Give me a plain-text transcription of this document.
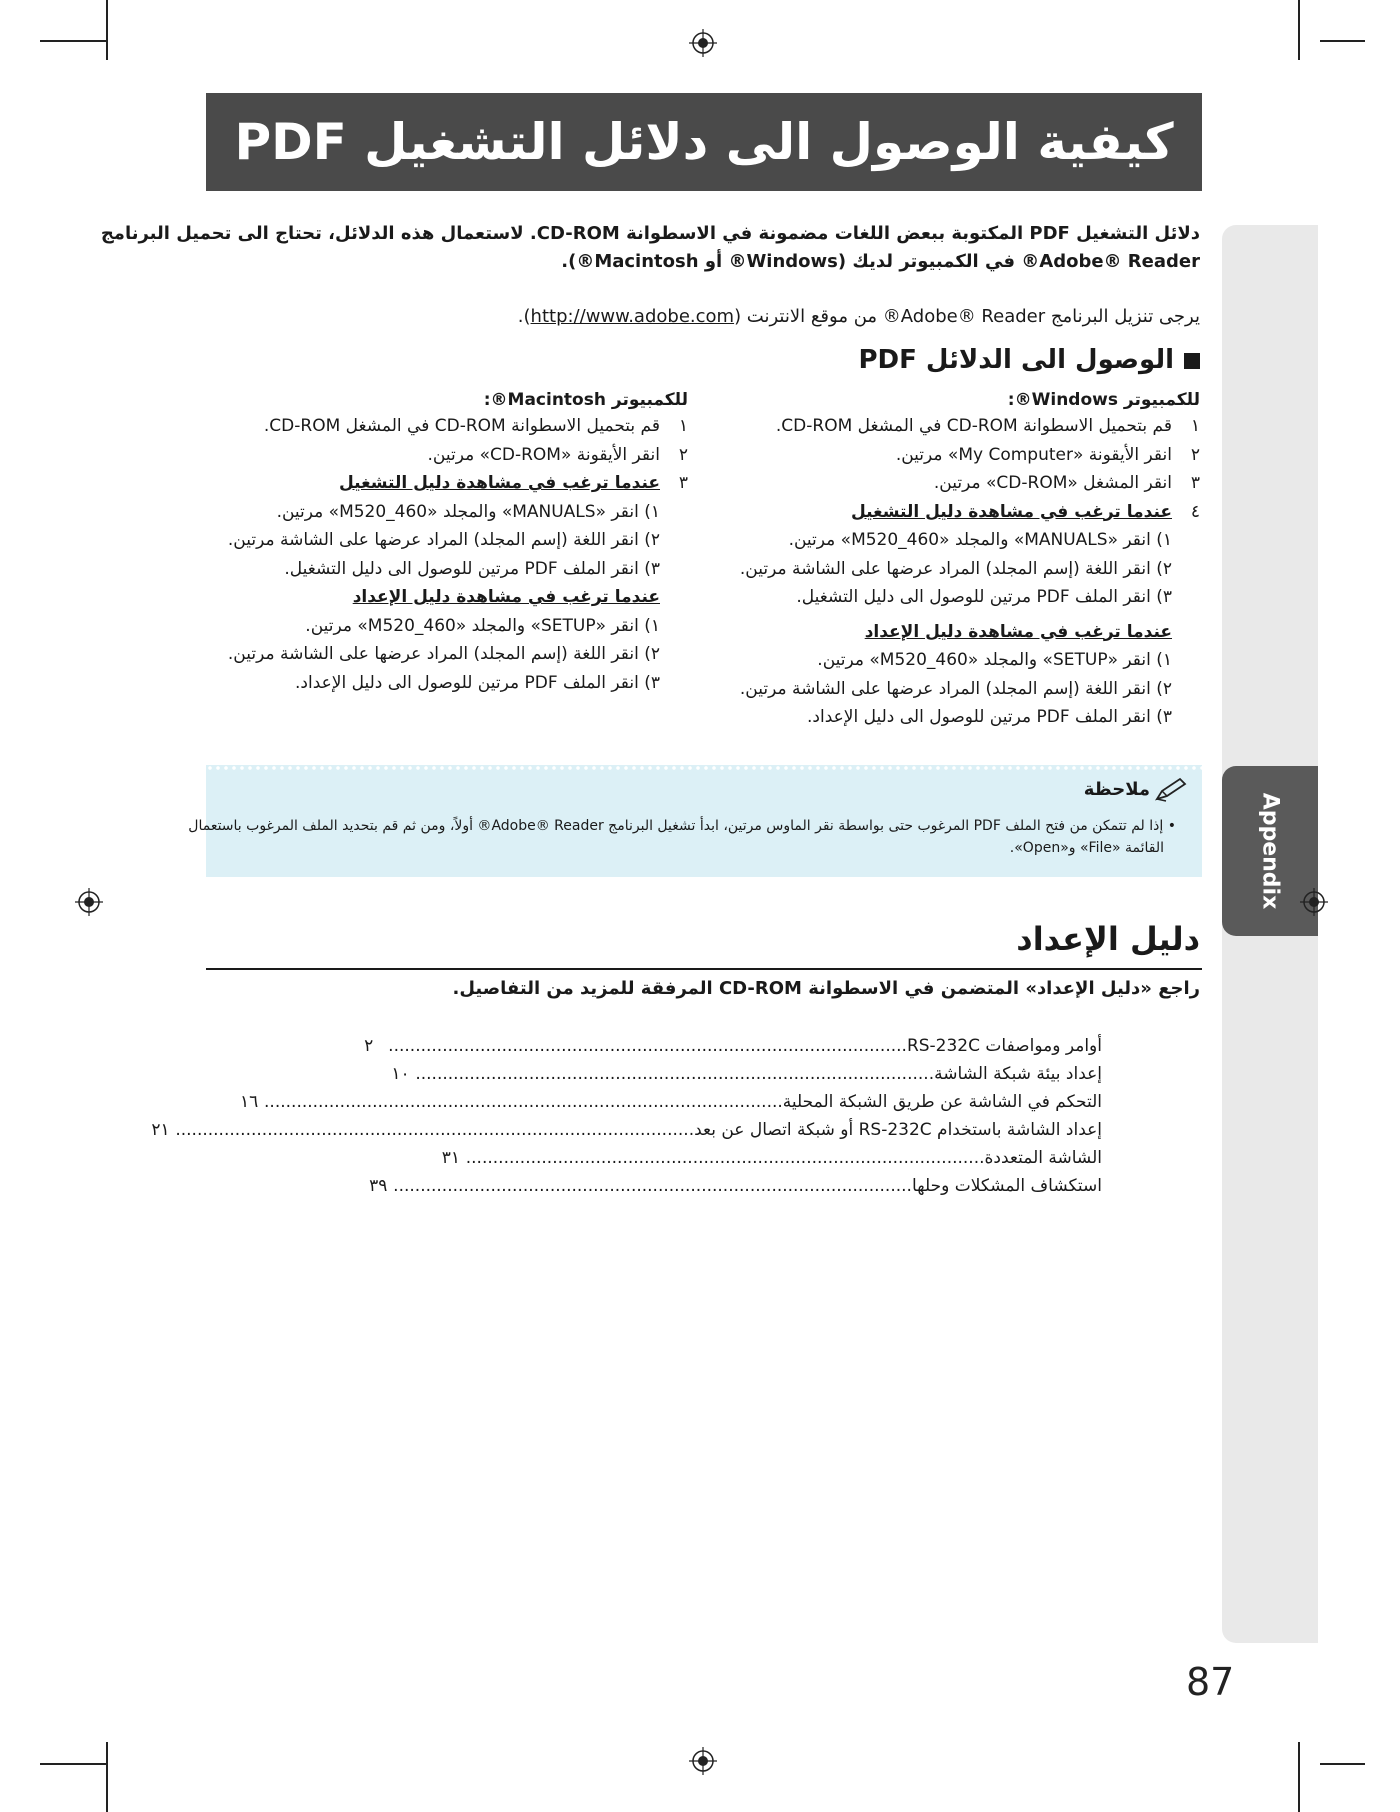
Appendix
كيفية الوصول الى دلائل التشغيل PDF
دلائل التشغيل PDF المكتوبة ببعض اللغات مضمونة في الاسطوانة CD-ROM. لاستعمال هذه الدلائل، تحتاج الى تحميل البرنامج
Adobe® Reader® في الكمبيوتر لديك (Windows® أو Macintosh®).
يرجى تنزيل البرنامج Adobe® Reader® من موقع الانترنت (http://www.adobe.com).
الوصول الى الدلائل PDF
للكمبيوتر Windows®:
١قم بتحميل الاسطوانة CD-ROM في المشغل CD-ROM.
٢انقر الأيقونة «My Computer» مرتين.
٣انقر المشغل «CD-ROM» مرتين.
٤عندما ترغب في مشاهدة دليل التشغيل
١) انقر «MANUALS» والمجلد «M520_460» مرتين.
٢) انقر اللغة (إسم المجلد) المراد عرضها على الشاشة مرتين.
٣) انقر الملف PDF مرتين للوصول الى دليل التشغيل.
عندما ترغب في مشاهدة دليل الإعداد
١) انقر «SETUP» والمجلد «M520_460» مرتين.
٢) انقر اللغة (إسم المجلد) المراد عرضها على الشاشة مرتين.
٣) انقر الملف PDF مرتين للوصول الى دليل الإعداد.
للكمبيوتر Macintosh®:
١قم بتحميل الاسطوانة CD-ROM في المشغل CD-ROM.
٢انقر الأيقونة «CD-ROM» مرتين.
٣عندما ترغب في مشاهدة دليل التشغيل
١) انقر «MANUALS» والمجلد «M520_460» مرتين.
٢) انقر اللغة (إسم المجلد) المراد عرضها على الشاشة مرتين.
٣) انقر الملف PDF مرتين للوصول الى دليل التشغيل.
عندما ترغب في مشاهدة دليل الإعداد
١) انقر «SETUP» والمجلد «M520_460» مرتين.
٢) انقر اللغة (إسم المجلد) المراد عرضها على الشاشة مرتين.
٣) انقر الملف PDF مرتين للوصول الى دليل الإعداد.
ملاحظة
• إذا لم تتمكن من فتح الملف PDF المرغوب حتى بواسطة نقر الماوس مرتين، ابدأ تشغيل البرنامج Adobe® Reader® أولاً، ومن ثم قم بتحديد الملف المرغوب باستعمال
القائمة «File» و«Open».
دليل الإعداد
راجع «دليل الإعداد» المتضمن في الاسطوانة CD-ROM المرفقة للمزيد من التفاصيل.
أوامر ومواصفات RS-232C
................................................................................................
٢
إعداد بيئة شبكة الشاشة
................................................................................................
١٠
التحكم في الشاشة عن طريق الشبكة المحلية
................................................................................................
١٦
إعداد الشاشة باستخدام RS-232C أو شبكة اتصال عن بعد
................................................................................................
٢١
الشاشة المتعددة
................................................................................................
٣١
استكشاف المشكلات وحلها
................................................................................................
٣٩
87
